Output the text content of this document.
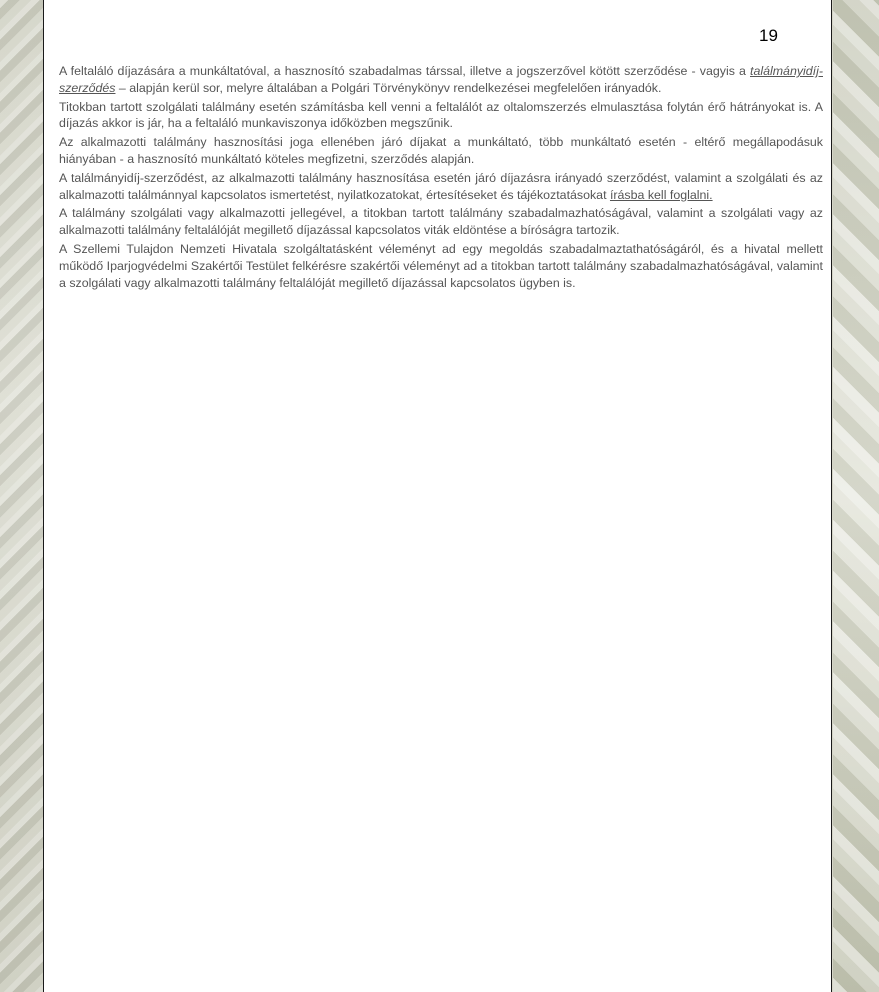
19

A feltaláló díjazására a munkáltatóval, a hasznosító szabadalmas társsal, illetve a jogszerzővel kötött szerződése - vagyis a találmányidíj-szerződés – alapján kerül sor, melyre általában a Polgári Törvénykönyv rendelkezései megfelelően irányadók.

Titokban tartott szolgálati találmány esetén számításba kell venni a feltalálót az oltalomszerzés elmulasztása folytán érő hátrányokat is. A díjazás akkor is jár, ha a feltaláló munkaviszonya időközben megszűnik.

Az alkalmazotti találmány hasznosítási joga ellenében járó díjakat a munkáltató, több munkáltató esetén - eltérő megállapodásuk hiányában - a hasznosító munkáltató köteles megfizetni, szerződés alapján.

A találmányidíj-szerződést, az alkalmazotti találmány hasznosítása esetén járó díjazásra irányadó szerződést, valamint a szolgálati és az alkalmazotti találmánnyal kapcsolatos ismertetést, nyilatkozatokat, értesítéseket és tájékoztatásokat írásba kell foglalni.

A találmány szolgálati vagy alkalmazotti jellegével, a titokban tartott találmány szabadalmazhatóságával, valamint a szolgálati vagy az alkalmazotti találmány feltalálóját megillető díjazással kapcsolatos viták eldöntése a bíróságra tartozik.

A Szellemi Tulajdon Nemzeti Hivatala szolgáltatásként véleményt ad egy megoldás szabadalmaztathatóságáról, és a hivatal mellett működő Iparjogvédelmi Szakértői Testület felkérésre szakértői véleményt ad a titokban tartott találmány szabadalmazhatóságával, valamint a szolgálati vagy alkalmazotti találmány feltalálóját megillető díjazással kapcsolatos ügyben is.
